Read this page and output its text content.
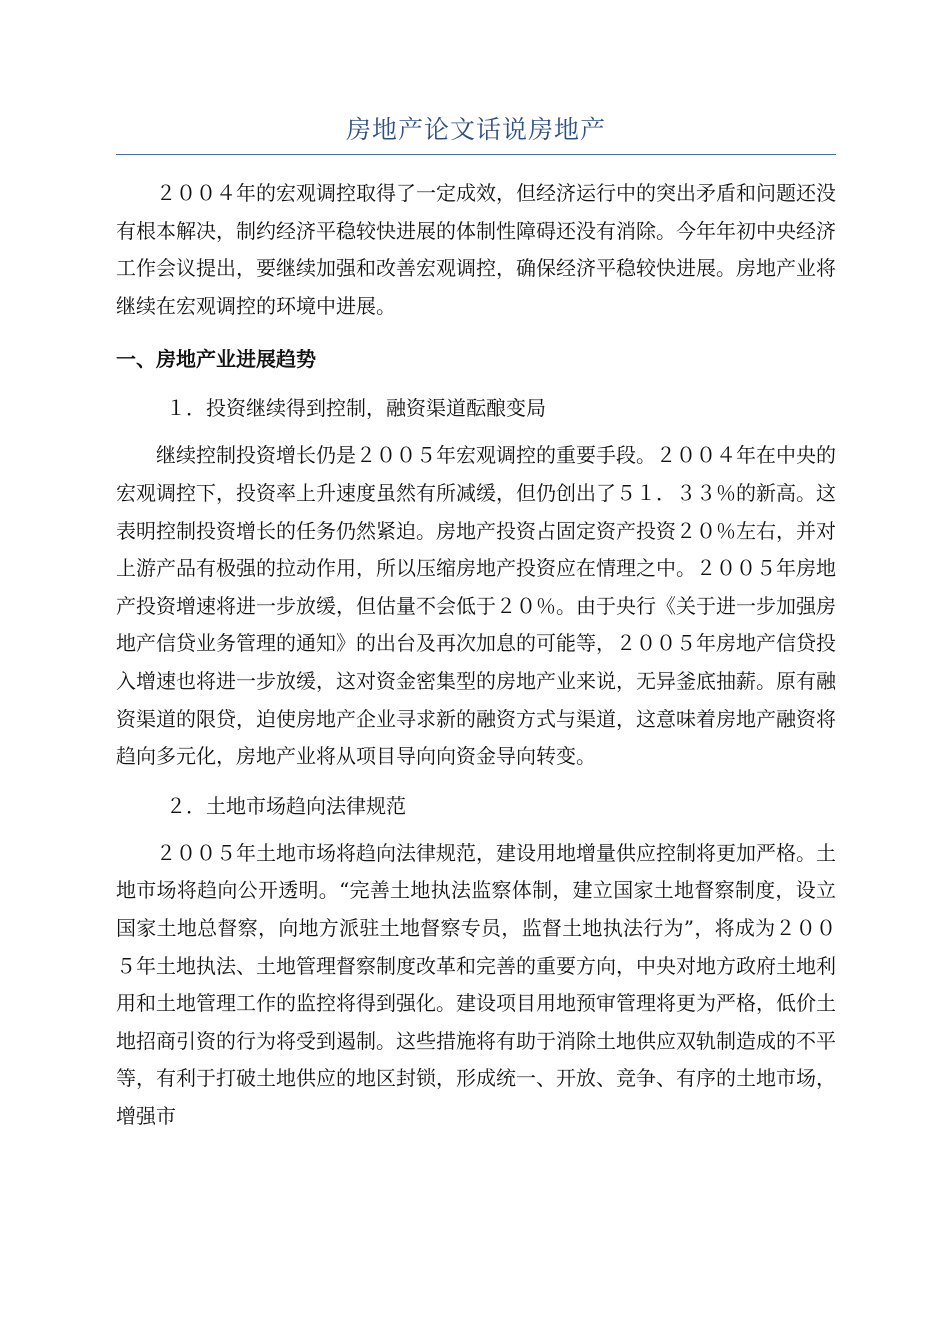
房地产论文话说房地产

２００４年的宏观调控取得了一定成效，但经济运行中的突出矛盾和问题还没有根本解决，制约经济平稳较快进展的体制性障碍还没有消除。今年年初中央经济工作会议提出，要继续加强和改善宏观调控，确保经济平稳较快进展。房地产业将继续在宏观调控的环境中进展。

一、房地产业进展趋势
１．投资继续得到控制，融资渠道酝酿变局

继续控制投资增长仍是２００５年宏观调控的重要手段。２００４年在中央的宏观调控下，投资率上升速度虽然有所减缓，但仍创出了５１．３３％的新高。这表明控制投资增长的任务仍然紧迫。房地产投资占固定资产投资２０％左右，并对上游产品有极强的拉动作用，所以压缩房地产投资应在情理之中。２００５年房地产投资增速将进一步放缓，但估量不会低于２０％。由于央行《关于进一步加强房地产信贷业务管理的通知》的出台及再次加息的可能等，２００５年房地产信贷投入增速也将进一步放缓，这对资金密集型的房地产业来说，无异釜底抽薪。原有融资渠道的限贷，迫使房地产企业寻求新的融资方式与渠道，这意味着房地产融资将趋向多元化，房地产业将从项目导向向资金导向转变。

２．土地市场趋向法律规范

２００５年土地市场将趋向法律规范，建设用地增量供应控制将更加严格。土地市场将趋向公开透明。“完善土地执法监察体制，建立国家土地督察制度，设立国家土地总督察，向地方派驻土地督察专员，监督土地执法行为”，将成为２００５年土地执法、土地管理督察制度改革和完善的重要方向，中央对地方政府土地利用和土地管理工作的监控将得到强化。建设项目用地预审管理将更为严格，低价土地招商引资的行为将受到遏制。这些措施将有助于消除土地供应双轨制造成的不平等，有利于打破土地供应的地区封锁，形成统一、开放、竞争、有序的土地市场，增强市
